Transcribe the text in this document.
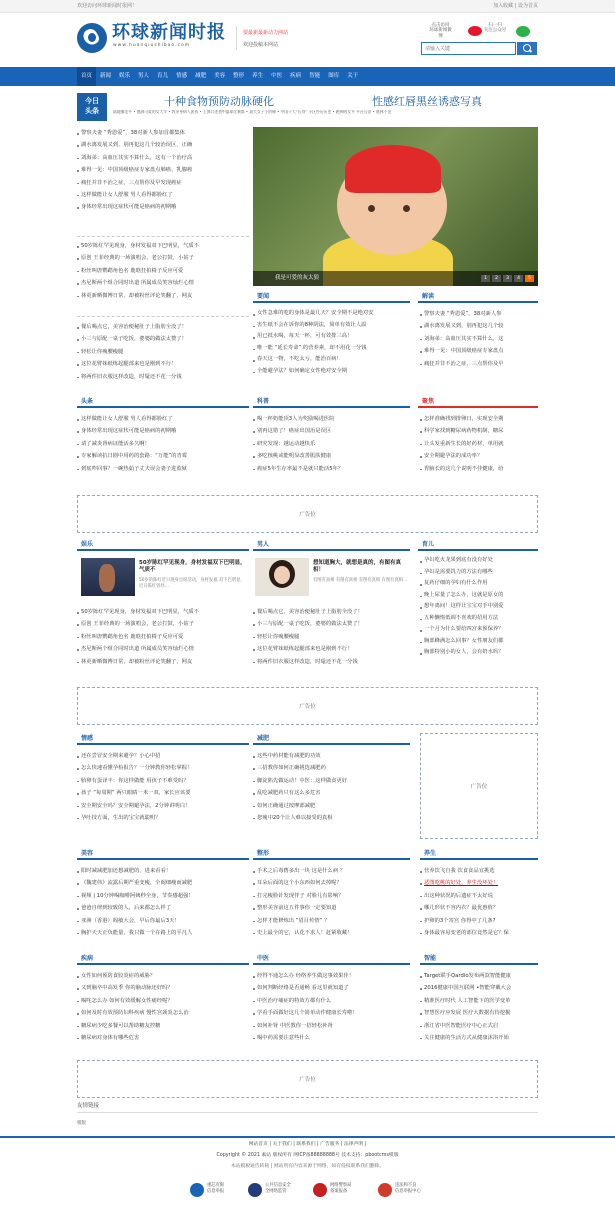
欢迎访问环球新闻时报网！	加入收藏 | 设为首页
环球新闻时报
www.huanqiushibao.com
要最新最新动力网站
欢迎投稿本网站
点击访问
环球新闻微博
扫一扫
关注公众号
请输入关键
首页	新闻	娱乐	男人	育儿	情感	减肥	美容	整形	养生	中医	疾病	智能	图库	关于
今日
头条
十种食物预防动脉硬化	性感红唇黑丝诱惑写真
陆地哪毛平 • 饱满可爱的女大学 • 我亲身病人团伙 • 上海口述初中篮球比赛都 • 最大女子小阶梯 • 中国十大“长寿” 小区经历历史 • 跑神的女平 平台公安 • 奥林不见
警察夫妻 “秀恩爱”，38对新人参加首都集体
湖水离发展又到，别再犯这几个较治误区，正确
刘海弟：高血压其实不算什么，这有一个治疗高
难得一见：中国顶级癌症专家盘点肺癌、乳腺癌
痛狂并非不治之症，三点帮你及早发现癌症
这样做能让女人舒服 男人看得都脸红了
身体经常出现这症状可能是癌病的初期哦
50岁陈红罕见现身，身材发福双下巴明显，气质不
原创 王菲经典的一场演唱会，老公打鼓，小姑子
粉丝叫唐鹦鹉角色名 鹿晗狂拍椅子反应可爱
杰尼斯两个组合同时出道 所属成员笑容灿烂心情
林更新晒微博日常，却被粉丝评论笑翻了，网友
餐后喝点它，美容治便秘肚子上脂肪全没了！
小三与原配一桌子吃饭，婆婆的做法太赞了！
轻松让你瘦腰瘦腿
这位花臂妹纸练起腿部来也是刚到不行！
将两件旧衣服这样改造，时髦还不花一分钱
我是可爱的灰太狼	1	2	3	4	5
要闻
女性急难的吃的身体是最几天？安全期不是绝对安
害生纸不会在诉你的8种阴法，简单有效让人温
用已抵水喝，每天一杯，可有效排三高！
唯一能 “延长寿命” 的营养素，却不用花一分钱
春天这一物，不吃太亏，能治百病！
全能避孕法？如何确定女性绝对安全期
解读
警察夫妻 “秀恩爱”，38对新人参
湖水离发展又到，别再犯这几个较
刘海弟：高血压其实不算什么，这
难得一见：中国顶级癌症专家盘点
痛狂并非不治之症，三点帮你及早
头条
这样做能让女人舒服 男人看得都脸红了
身体经常出现这症状可能是癌病的初期哦
请了减炎肾病证能活多久啊！
专家解读抗日剧中用药的套路：“万能”的青霉
到底咋回事？一碗热茹子丈夫误会妻子进监狱
科普
喝一杯奶能顶3人为奖励喝进医院
别再这错了！癌症出国治是误区
研究发现：越运动越快乐
多吃核桃或能明显改善肌肤健康
癌症5年生存率最不是就只能活5年？
聚焦
怎样准确找到排卵日，实现安全期
科学家找到糖尿病药物机制，糖尿
让头发重新生长的好药材，单用就
安全期避孕法的成功率？
胃脑长的这几个说明不佳健康，给
广告位
娱乐
50岁陈红罕见现身，身材发福双下巴明显，气质不
50岁的陈红近日现身出席活动，身材发福 双下巴明显，近日陈红曾经...
50岁陈红罕见现身，身材发福双下巴明显，气质不
原创 王菲经典的一场演唱会，老公打鼓，小姑子
粉丝叫唐鹦鹉角色名 鹿晗狂拍椅子反应可爱
杰尼斯两个组合同时出道 所属成员笑容灿烂心情
林更新晒微博日常，却被粉丝评论笑翻了，网友
男人
想知道胸大，就想是真的，有图有真相！
有图有真相 有图有真相 有图有真相 有图有真相...
餐后喝点它，美容治便秘肚子上脂肪全没了！
小三与原配一桌子吃饭，婆婆的做法太赞了！
轻松让你瘦腰瘦腿
这位花臂妹纸练起腿部来也是刚到不行！
将两件旧衣服这样改造，时髦还不花一分钱
育儿
孕妇吃火龙果到底有没有好处
孕妇是需要饥力的方法有哪些
复药仔细的孕妇有什么作用
晚上尿量了怎么办，这就是原女的
想年离间！这样让宝宝对手中别爱
五种懒惰低调不喜欢的招用方法
一个月为什么要给四宫来预保养？
胸部蜂满怎么回事？女性朋友们都
胸部特别小的女人，会有奶水吗？
广告位
情感
还在尝冒安全期来避孕？小心中招
怎么快速看懂孕检报告？一分钟教你轻松掌握！
胎卵有蛋译丰：你这样做能 用孩子不难受吗？
孩子 “每周期” 两只眼睛一米一双，家长应该要
安全期安全吗？安全期避孕法，2分钟讲明白！
孕吐技方面，生出的宝宝就聪明？
减肥
这些中药材能有减肥的功效
三招教你如何正确挑选减肥药
脚淀陷先做运动！中医：这样做食更好
乱吃减肥药只有这么多危害
如何正确通过按摩部减肥
您瘦中20个让人难以接受的真相
广告位
美容
阳时减减肥加还想减肥的，进来看看！
《魏建伟》流露后期严重变瘦，全阁细瘦而减肥
视频 | 10分钟喝咖啡阿姨秒全身，节奏感超强！
爸爸自律到较致的人，后来都怎么样了
亚洲（香港）阁敏大会，早后你最后3天！
胸护天天正负能量，我只做一个在路上的平凡人
整形
手术之后毒舊多出一块 这是什么病 ？
耳朵后面的这个小东西如何去掉呢？
打完瘦脸针发现伴子 对脸儿有影响？
整形美容前这五件事你一定要知道
怎样才能修炼出 “眉目传情” ？
史上最全的它，认花不求人！赶紧收藏！
养生
营养饮飞自我 饮食食品宜挑选
恶图吃桃的好处，养生没坏处！
出这种状况的后遗症不太好说
哪儿形状不容内衣？最优惠值？
护卵的3个寄宫 你得中了几条?
身体最容易变老的部位竟然是它？保
疾病
女性如何预防食胶炎症的威胁？
又到脑卒中高发季 你的脑动脉还好吗？
喝咤怎么办 如何有效缓解女性痛经呢？
如何及时有效预防妇科疾病 慢性宫颈炎怎么治
糖尿病少吃多餐可以帮助糖友控糖
糖尿病对身体有哪些危害
中医
经得不通怎么办 经络养生做这事效果佳！
如何判断经络是否通畅 看这里就知道了
中医治疗痛症的特效方都有什么
学看手面做好这几个简单动作健康长寿啦！
如何补肾 中医教你一招轻松补肾
喝中药需要注意些什么
智能
Target联手Qardio发布两款智能健康
2016健康中国互联网 •智能穿戴大会
精准医疗时代 人工智能下的医学变革
智慧医疗应发展 医疗大数据有待挖掘
浙江省中医智能医疗中心正式启
关注健康的生活方式从健康沐浴开始
广告位
友情链接
模版
网站首页 | 关于我们 | 联系我们 | 广告服务 | 法律声明 |
Copyright © 2021 素站 版权所有 网ICP备88888888号 技术支持：pbootcms模版
本站模板通告转载 | 网站所有内容来源于网络，如有侵权联系我们删除。
重芯有限
信息举报
公共信息安全
全网络监管
网络警察局
备案报备
违法和不良
信息举报中心
